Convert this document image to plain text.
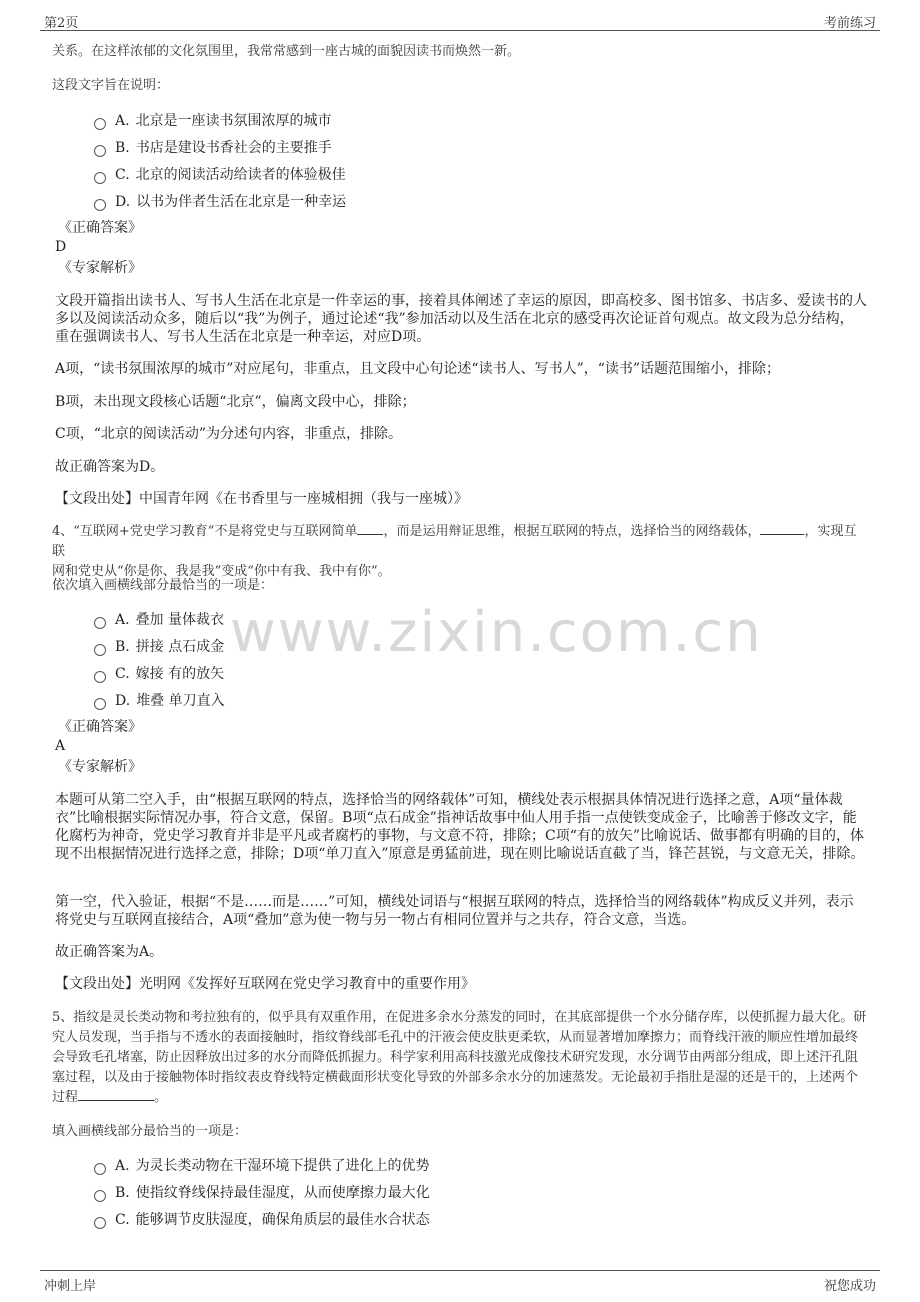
第2页	考前练习
www.zixin.com.cn
关系。在这样浓郁的文化氛围里，我常常感到一座古城的面貌因读书而焕然一新。
这段文字旨在说明：
A. 北京是一座读书氛围浓厚的城市
B. 书店是建设书香社会的主要推手
C. 北京的阅读活动给读者的体验极佳
D. 以书为伴者生活在北京是一种幸运
《正确答案》
D
《专家解析》
文段开篇指出读书人、写书人生活在北京是一件幸运的事，接着具体阐述了幸运的原因，即高校多、图书馆多、书店多、爱读书的人多以及阅读活动众多，随后以“我”为例子，通过论述“我”参加活动以及生活在北京的感受再次论证首句观点。故文段为总分结构，重在强调读书人、写书人生活在北京是一种幸运，对应D项。
A项，“读书氛围浓厚的城市”对应尾句，非重点，且文段中心句论述“读书人、写书人”，“读书”话题范围缩小，排除；
B项，未出现文段核心话题“北京”，偏离文段中心，排除；
C项，“北京的阅读活动”为分述句内容，非重点，排除。
故正确答案为D。
【文段出处】中国青年网《在书香里与一座城相拥（我与一座城）》
4、“互联网+党史学习教育”不是将党史与互联网简单 ，而是运用辩证思维，根据互联网的特点，选择恰当的网络载体，	，实现互联
网和党史从“你是你、我是我”变成“你中有我、我中有你”。
依次填入画横线部分最恰当的一项是：
A. 叠加 量体裁衣
B. 拼接 点石成金
C. 嫁接 有的放矢
D. 堆叠 单刀直入
《正确答案》
A
《专家解析》
本题可从第二空入手，由“根据互联网的特点，选择恰当的网络载体”可知，横线处表示根据具体情况进行选择之意，A项“量体裁衣”比喻根据实际情况办事，符合文意，保留。B项“点石成金”指神话故事中仙人用手指一点使铁变成金子，比喻善于修改文字，能化腐朽为神奇，党史学习教育并非是平凡或者腐朽的事物，与文意不符，排除；C项“有的放矢”比喻说话、做事都有明确的目的，体现不出根据情况进行选择之意，排除；D项“单刀直入”原意是勇猛前进，现在则比喻说话直截了当，锋芒甚锐，与文意无关，排除。
第一空，代入验证，根据“不是……而是……”可知，横线处词语与“根据互联网的特点，选择恰当的网络载体”构成反义并列，表示将党史与互联网直接结合，A项“叠加”意为使一物与另一物占有相同位置并与之共存，符合文意，当选。
故正确答案为A。
【文段出处】光明网《发挥好互联网在党史学习教育中的重要作用》
5、指纹是灵长类动物和考拉独有的，似乎具有双重作用，在促进多余水分蒸发的同时，在其底部提供一个水分储存库，以使抓握力最大化。研究人员发现，当手指与不透水的表面接触时，指纹脊线部毛孔中的汗液会使皮肤更柔软，从而显著增加摩擦力；而脊线汗液的顺应性增加最终会导致毛孔堵塞，防止因释放出过多的水分而降低抓握力。科学家利用高科技激光成像技术研究发现，水分调节由两部分组成，即上述汗孔阻塞过程，以及由于接触物体时指纹表皮脊线特定横截面形状变化导致的外部多余水分的加速蒸发。无论最初手指肚是湿的还是干的，上述两个过程	。
填入画横线部分最恰当的一项是：
A. 为灵长类动物在干湿环境下提供了进化上的优势
B. 使指纹脊线保持最佳湿度，从而使摩擦力最大化
C. 能够调节皮肤湿度，确保角质层的最佳水合状态
冲刺上岸	祝您成功
